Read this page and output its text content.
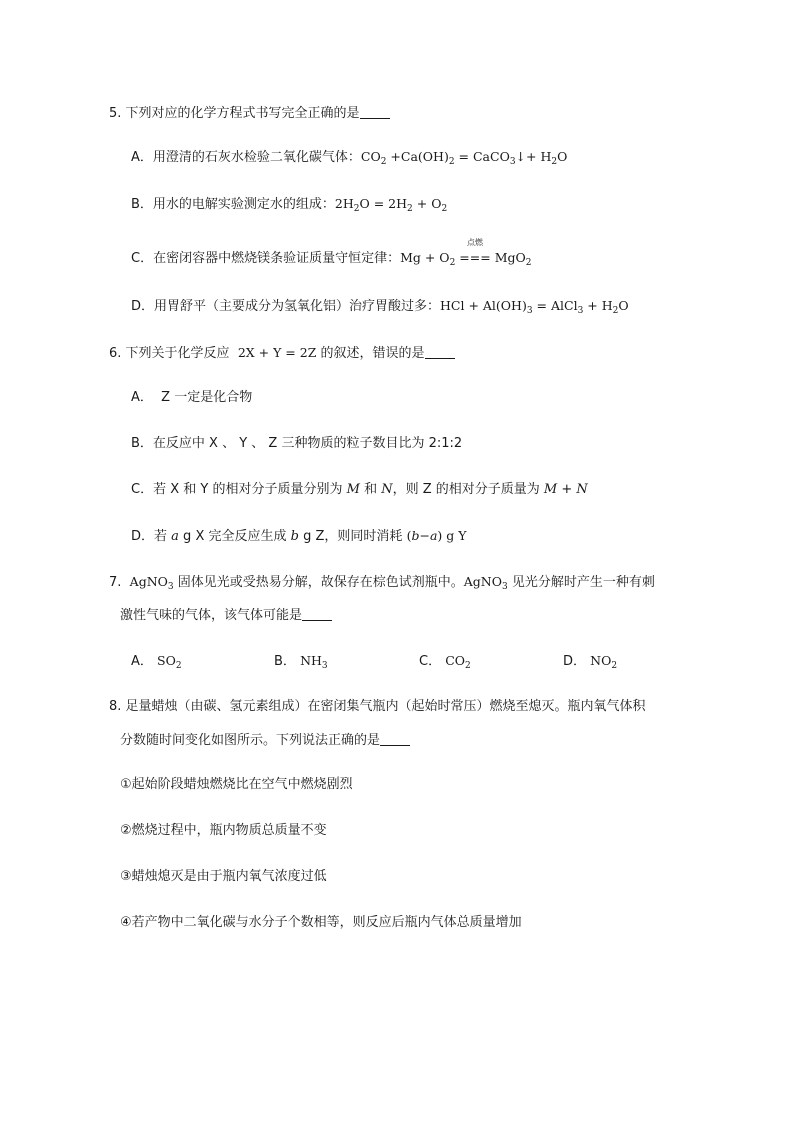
5. 下列对应的化学方程式书写完全正确的是
A．用澄清的石灰水检验二氧化碳气体：$CO_2 +Ca(OH)_2$ = CaCO$_3$↓+ $H_2O$
B．用水的电解实验测定水的组成：$2H_2O = 2H_2 + O_2$
C．在密闭容器中燃烧镁条验证质量守恒定律：$Mg + O_2$
点燃
=== MgO$_2$
D．用胃舒平（主要成分为氢氧化铝）治疗胃酸过多：HCl + $Al(OH)_3$ = AlCl$_3$ + $H_2O$
6. 下列关于化学反应 2X + Y = 2Z 的叙述，错误的是
A． Z 一定是化合物
B．在反应中 X 、 Y 、 Z 三种物质的粒子数目比为 2:1:2
C．若 X 和 Y 的相对分子质量分别为 M 和 N，则 Z 的相对分子质量为 M + N
D．若 a g X 完全反应生成 b g Z，则同时消耗 (b−a) g Y
7. AgNO$_3$ 固体见光或受热易分解，故保存在棕色试剂瓶中。AgNO$_3$ 见光分解时产生一种有刺
激性气味的气体，该气体可能是
A． $SO_2$	B． $NH_3$	C． $CO_2$	D． $NO_2$
8. 足量蜡烛（由碳、氢元素组成）在密闭集气瓶内（起始时常压）燃烧至熄灭。瓶内氧气体积
分数随时间变化如图所示。下列说法正确的是
①起始阶段蜡烛燃烧比在空气中燃烧剧烈
②燃烧过程中，瓶内物质总质量不变
③蜡烛熄灭是由于瓶内氧气浓度过低
④若产物中二氧化碳与水分子个数相等，则反应后瓶内气体总质量增加
